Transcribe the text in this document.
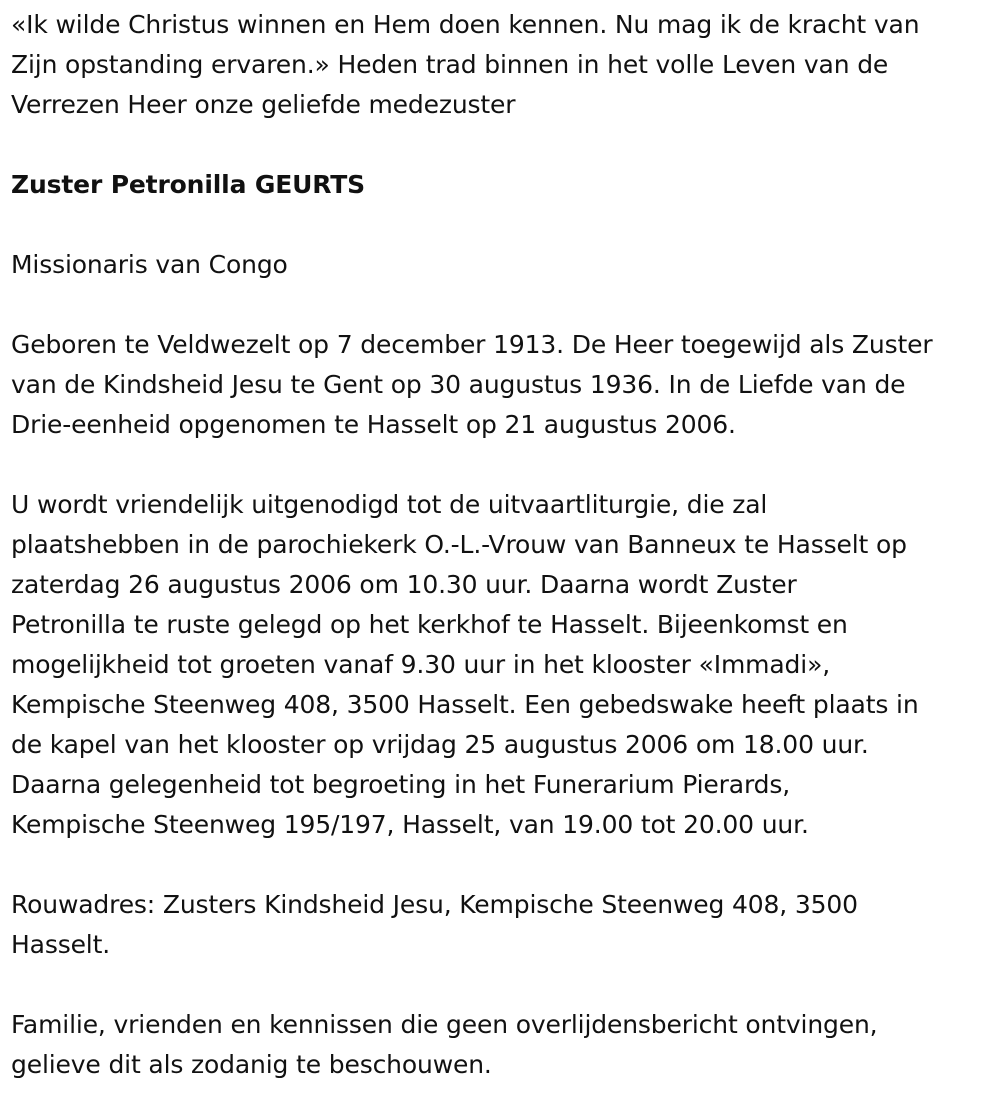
«Ik wilde Christus winnen en Hem doen kennen. Nu mag ik de kracht van
Zijn opstanding ervaren.» Heden trad binnen in het volle Leven van de
Verrezen Heer onze geliefde medezuster
Zuster Petronilla GEURTS
Missionaris van Congo
Geboren te Veldwezelt op 7 december 1913. De Heer toegewijd als Zuster
van de Kindsheid Jesu te Gent op 30 augustus 1936. In de Liefde van de
Drie-eenheid opgenomen te Hasselt op 21 augustus 2006.
U wordt vriendelijk uitgenodigd tot de uitvaartliturgie, die zal
plaatshebben in de parochiekerk O.-L.-Vrouw van Banneux te Hasselt op
zaterdag 26 augustus 2006 om 10.30 uur. Daarna wordt Zuster
Petronilla te ruste gelegd op het kerkhof te Hasselt. Bijeenkomst en
mogelijkheid tot groeten vanaf 9.30 uur in het klooster «Immadi»,
Kempische Steenweg 408, 3500 Hasselt. Een gebedswake heeft plaats in
de kapel van het klooster op vrijdag 25 augustus 2006 om 18.00 uur.
Daarna gelegenheid tot begroeting in het Funerarium Pierards,
Kempische Steenweg 195/197, Hasselt, van 19.00 tot 20.00 uur.
Rouwadres: Zusters Kindsheid Jesu, Kempische Steenweg 408, 3500
Hasselt.
Familie, vrienden en kennissen die geen overlijdensbericht ontvingen,
gelieve dit als zodanig te beschouwen.
